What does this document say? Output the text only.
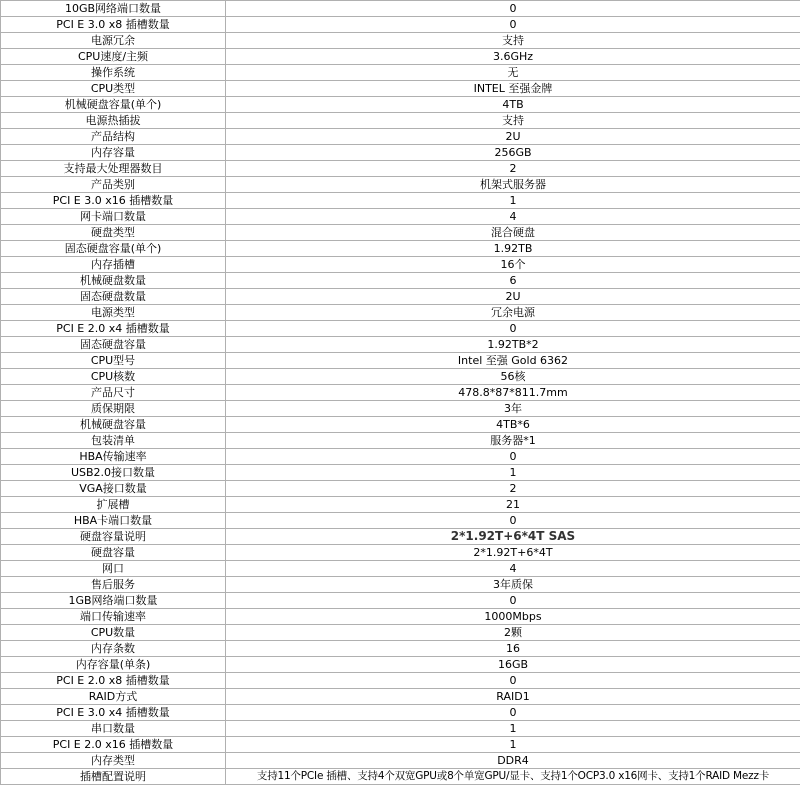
10GB网络端口数量	0
PCI E 3.0 x8 插槽数量	0
电源冗余	支持
CPU速度/主频	3.6GHz
操作系统	无
CPU类型	INTEL 至强金牌
机械硬盘容量(单个)	4TB
电源热插拔	支持
产品结构	2U
内存容量	256GB
支持最大处理器数目	2
产品类别	机架式服务器
PCI E 3.0 x16 插槽数量	1
网卡端口数量	4
硬盘类型	混合硬盘
固态硬盘容量(单个)	1.92TB
内存插槽	16个
机械硬盘数量	6
固态硬盘数量	2U
电源类型	冗余电源
PCI E 2.0 x4 插槽数量	0
固态硬盘容量	1.92TB*2
CPU型号	Intel 至强 Gold 6362
CPU核数	56核
产品尺寸	478.8*87*811.7mm
质保期限	3年
机械硬盘容量	4TB*6
包装清单	服务器*1
HBA传输速率	0
USB2.0接口数量	1
VGA接口数量	2
扩展槽	21
HBA卡端口数量	0
硬盘容量说明	2*1.92T+6*4T SAS
硬盘容量	2*1.92T+6*4T
网口	4
售后服务	3年质保
1GB网络端口数量	0
端口传输速率	1000Mbps
CPU数量	2颗
内存条数	16
内存容量(单条)	16GB
PCI E 2.0 x8 插槽数量	0
RAID方式	RAID1
PCI E 3.0 x4 插槽数量	0
串口数量	1
PCI E 2.0 x16 插槽数量	1
内存类型	DDR4
插槽配置说明	支持11个PCIe 插槽、支持4个双宽GPU或8个单宽GPU/显卡、支持1个OCP3.0 x16网卡、支持1个RAID Mezz卡
